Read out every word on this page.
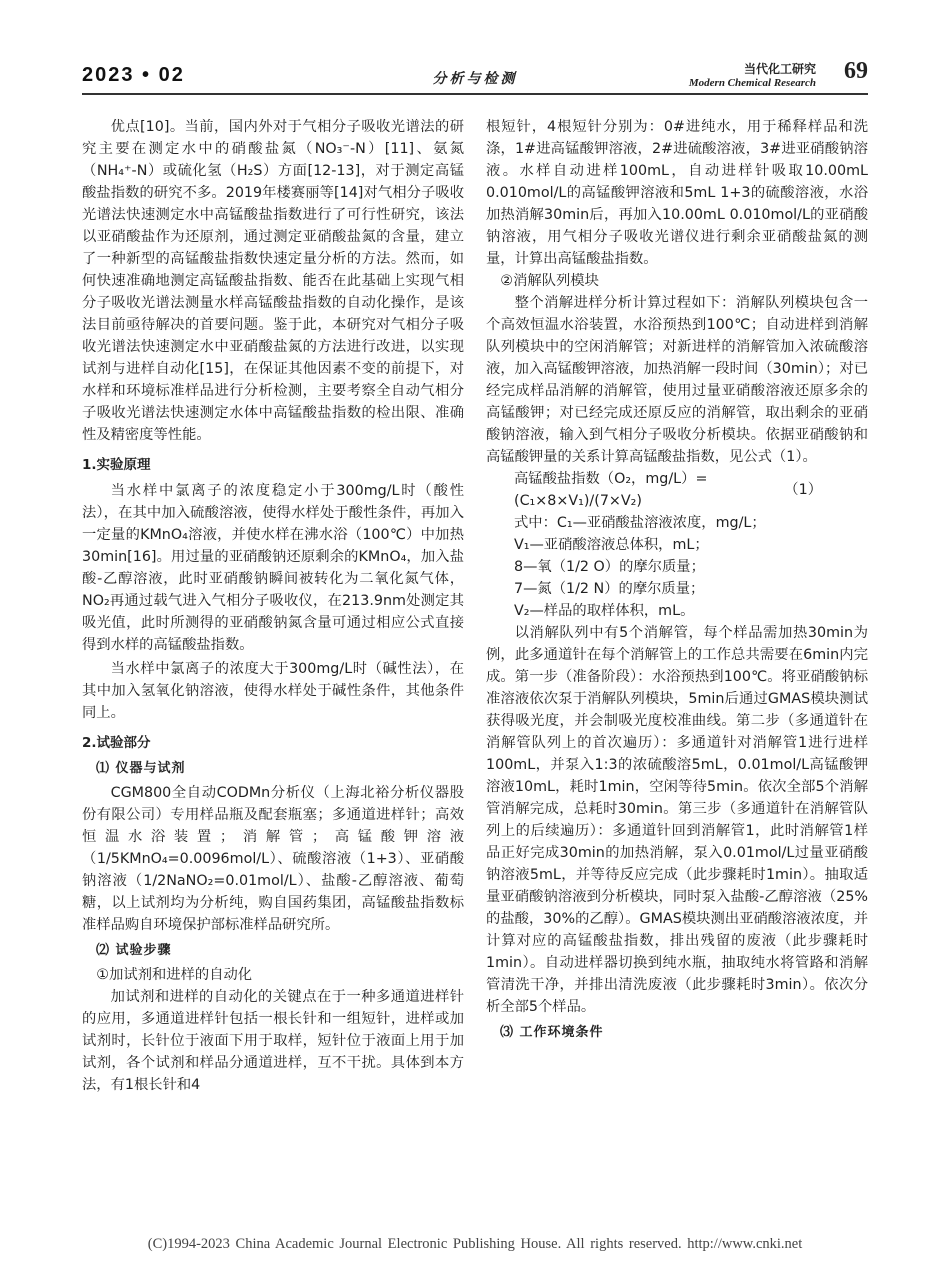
2023 • 02	分析与检测
当代化工研究
Modern Chemical Research 69

优点[10]。当前，国内外对于气相分子吸收光谱法的研究主要在测定水中的硝酸盐氮（NO₃⁻-N）[11]、氨氮（NH₄⁺-N）或硫化氢（H₂S）方面[12-13]，对于测定高锰酸盐指数的研究不多。2019年楼赛丽等[14]对气相分子吸收光谱法快速测定水中高锰酸盐指数进行了可行性研究，该法以亚硝酸盐作为还原剂，通过测定亚硝酸盐氮的含量，建立了一种新型的高锰酸盐指数快速定量分析的方法。然而，如何快速准确地测定高锰酸盐指数、能否在此基础上实现气相分子吸收光谱法测量水样高锰酸盐指数的自动化操作，是该法目前亟待解决的首要问题。鉴于此，本研究对气相分子吸收光谱法快速测定水中亚硝酸盐氮的方法进行改进，以实现试剂与进样自动化[15]，在保证其他因素不变的前提下，对水样和环境标准样品进行分析检测，主要考察全自动气相分子吸收光谱法快速测定水体中高锰酸盐指数的检出限、准确性及精密度等性能。

1.实验原理

当水样中氯离子的浓度稳定小于300mg/L时（酸性法），在其中加入硫酸溶液，使得水样处于酸性条件，再加入一定量的KMnO₄溶液，并使水样在沸水浴（100℃）中加热30min[16]。用过量的亚硝酸钠还原剩余的KMnO₄，加入盐酸-乙醇溶液，此时亚硝酸钠瞬间被转化为二氧化氮气体，NO₂再通过载气进入气相分子吸收仪，在213.9nm处测定其吸光值，此时所测得的亚硝酸钠氮含量可通过相应公式直接得到水样的高锰酸盐指数。

当水样中氯离子的浓度大于300mg/L时（碱性法），在其中加入氢氧化钠溶液，使得水样处于碱性条件，其他条件同上。

2.试验部分
⑴ 仪器与试剂

CGM800全自动CODMn分析仪（上海北裕分析仪器股份有限公司）专用样品瓶及配套瓶塞；多通道进样针；高效恒温水浴装置；消解管；高锰酸钾溶液（1/5KMnO₄=0.0096mol/L）、硫酸溶液（1+3）、亚硝酸钠溶液（1/2NaNO₂=0.01mol/L）、盐酸-乙醇溶液、葡萄糖，以上试剂均为分析纯，购自国药集团，高锰酸盐指数标准样品购自环境保护部标准样品研究所。

⑵ 试验步骤

①加试剂和进样的自动化

加试剂和进样的自动化的关键点在于一种多通道进样针的应用，多通道进样针包括一根长针和一组短针，进样或加试剂时，长针位于液面下用于取样，短针位于液面上用于加试剂，各个试剂和样品分通道进样，互不干扰。具体到本方法，有1根长针和4

根短针，4根短针分别为：0#进纯水，用于稀释样品和洗涤，1#进高锰酸钾溶液，2#进硫酸溶液，3#进亚硝酸钠溶液。水样自动进样100mL，自动进样针吸取10.00mL 0.010mol/L的高锰酸钾溶液和5mL 1+3的硫酸溶液，水浴加热消解30min后，再加入10.00mL 0.010mol/L的亚硝酸钠溶液，用气相分子吸收光谱仪进行剩余亚硝酸盐氮的测量，计算出高锰酸盐指数。

②消解队列模块

整个消解进样分析计算过程如下：消解队列模块包含一个高效恒温水浴装置，水浴预热到100℃；自动进样到消解队列模块中的空闲消解管；对新进样的消解管加入浓硫酸溶液，加入高锰酸钾溶液，加热消解一段时间（30min）；对已经完成样品消解的消解管，使用过量亚硝酸溶液还原多余的高锰酸钾；对已经完成还原反应的消解管，取出剩余的亚硝酸钠溶液，输入到气相分子吸收分析模块。依据亚硝酸钠和高锰酸钾量的关系计算高锰酸盐指数，见公式（1）。

高锰酸盐指数（O₂，mg/L）=
(C₁×8×V₁)/(7×V₂)
（1）

式中：C₁—亚硝酸盐溶液浓度，mg/L；

V₁—亚硝酸溶液总体积，mL；

8—氧（1/2 O）的摩尔质量；

7—氮（1/2 N）的摩尔质量；

V₂—样品的取样体积，mL。

以消解队列中有5个消解管，每个样品需加热30min为例，此多通道针在每个消解管上的工作总共需要在6min内完成。第一步（准备阶段）：水浴预热到100℃。将亚硝酸钠标准溶液依次泵于消解队列模块，5min后通过GMAS模块测试获得吸光度，并会制吸光度校准曲线。第二步（多通道针在消解管队列上的首次遍历）：多通道针对消解管1进行进样100mL，并泵入1:3的浓硫酸溶5mL，0.01mol/L高锰酸钾溶液10mL，耗时1min，空闲等待5min。依次全部5个消解管消解完成，总耗时30min。第三步（多通道针在消解管队列上的后续遍历）：多通道针回到消解管1，此时消解管1样品正好完成30min的加热消解，泵入0.01mol/L过量亚硝酸钠溶液5mL，并等待反应完成（此步骤耗时1min）。抽取适量亚硝酸钠溶液到分析模块，同时泵入盐酸-乙醇溶液（25%的盐酸，30%的乙醇）。GMAS模块测出亚硝酸溶液浓度，并计算对应的高锰酸盐指数，排出残留的废液（此步骤耗时1min）。自动进样器切换到纯水瓶，抽取纯水将管路和消解管清洗干净，并排出清洗废液（此步骤耗时3min）。依次分析全部5个样品。

⑶ 工作环境条件
(C)1994-2023 China Academic Journal Electronic Publishing House. All rights reserved. http://www.cnki.net
